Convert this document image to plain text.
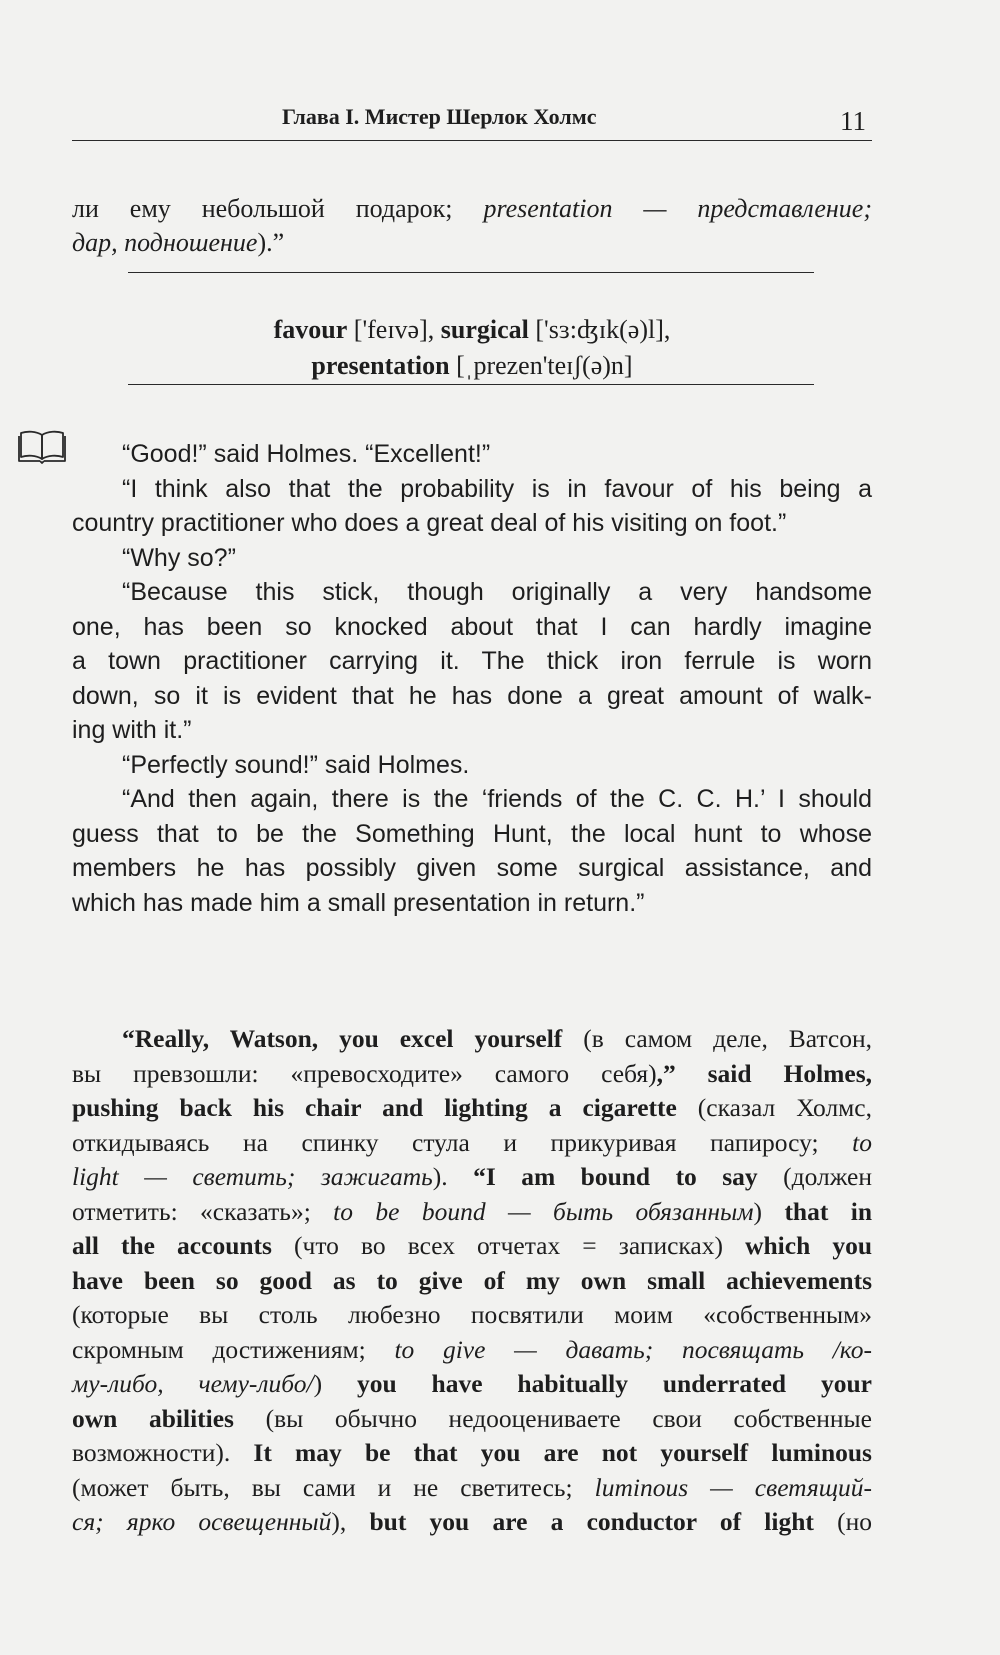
Глава I. Мистер Шерлок Холмс	11
ли ему небольшой подарок; presentation — представление;
дар, подношение).”
favour ['feɪvə], surgical ['sɜ:ʤɪk(ə)l],
presentation [ˌprezen'teɪʃ(ə)n]
“Good!” said Holmes. “Excellent!”
“I think also that the probability is in favour of his being a
country practitioner who does a great deal of his visiting on foot.”
“Why so?”
“Because this stick, though originally a very handsome
one, has been so knocked about that I can hardly imagine
a town practitioner carrying it. The thick iron ferrule is worn
down, so it is evident that he has done a great amount of walk-
ing with it.”
“Perfectly sound!” said Holmes.
“And then again, there is the ‘friends of the C. C. H.’ I should
guess that to be the Something Hunt, the local hunt to whose
members he has possibly given some surgical assistance, and
which has made him a small presentation in return.”
“Really, Watson, you excel yourself (в самом деле, Ватсон,
вы превзошли: «превосходите» самого себя),” said Holmes,
pushing back his chair and lighting a cigarette (сказал Холмс,
откидываясь на спинку стула и прикуривая папиросу; to
light — светить; зажигать). “I am bound to say (должен
отметить: «сказать»; to be bound — быть обязанным) that in
all the accounts (что во всех отчетах = записках) which you
have been so good as to give of my own small achievements
(которые вы столь любезно посвятили моим «собственным»
скромным достижениям; to give — давать; посвящать /ко-
му-либо, чему-либо/) you have habitually underrated your
own abilities (вы обычно недооцениваете свои собственные
возможности). It may be that you are not yourself luminous
(может быть, вы сами и не светитесь; luminous — светящий-
ся; ярко освещенный), but you are a conductor of light (но
